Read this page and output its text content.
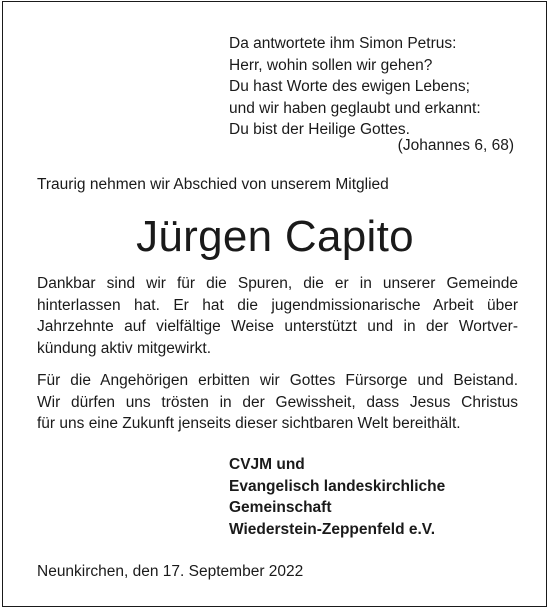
Da antwortete ihm Simon Petrus:
Herr, wohin sollen wir gehen?
Du hast Worte des ewigen Lebens;
und wir haben geglaubt und erkannt:
Du bist der Heilige Gottes.
(Johannes 6, 68)
Traurig nehmen wir Abschied von unserem Mitglied
Jürgen Capito
Dankbar sind wir für die Spuren, die er in unserer Gemeinde
hinterlassen hat. Er hat die jugendmissionarische Arbeit über
Jahrzehnte auf vielfältige Weise unterstützt und in der Wortver-
kündung aktiv mitgewirkt.
Für die Angehörigen erbitten wir Gottes Fürsorge und Beistand.
Wir dürfen uns trösten in der Gewissheit, dass Jesus Christus
für uns eine Zukunft jenseits dieser sichtbaren Welt bereithält.
CVJM und
Evangelisch landeskirchliche
Gemeinschaft
Wiederstein-Zeppenfeld e.V.
Neunkirchen, den 17. September 2022
